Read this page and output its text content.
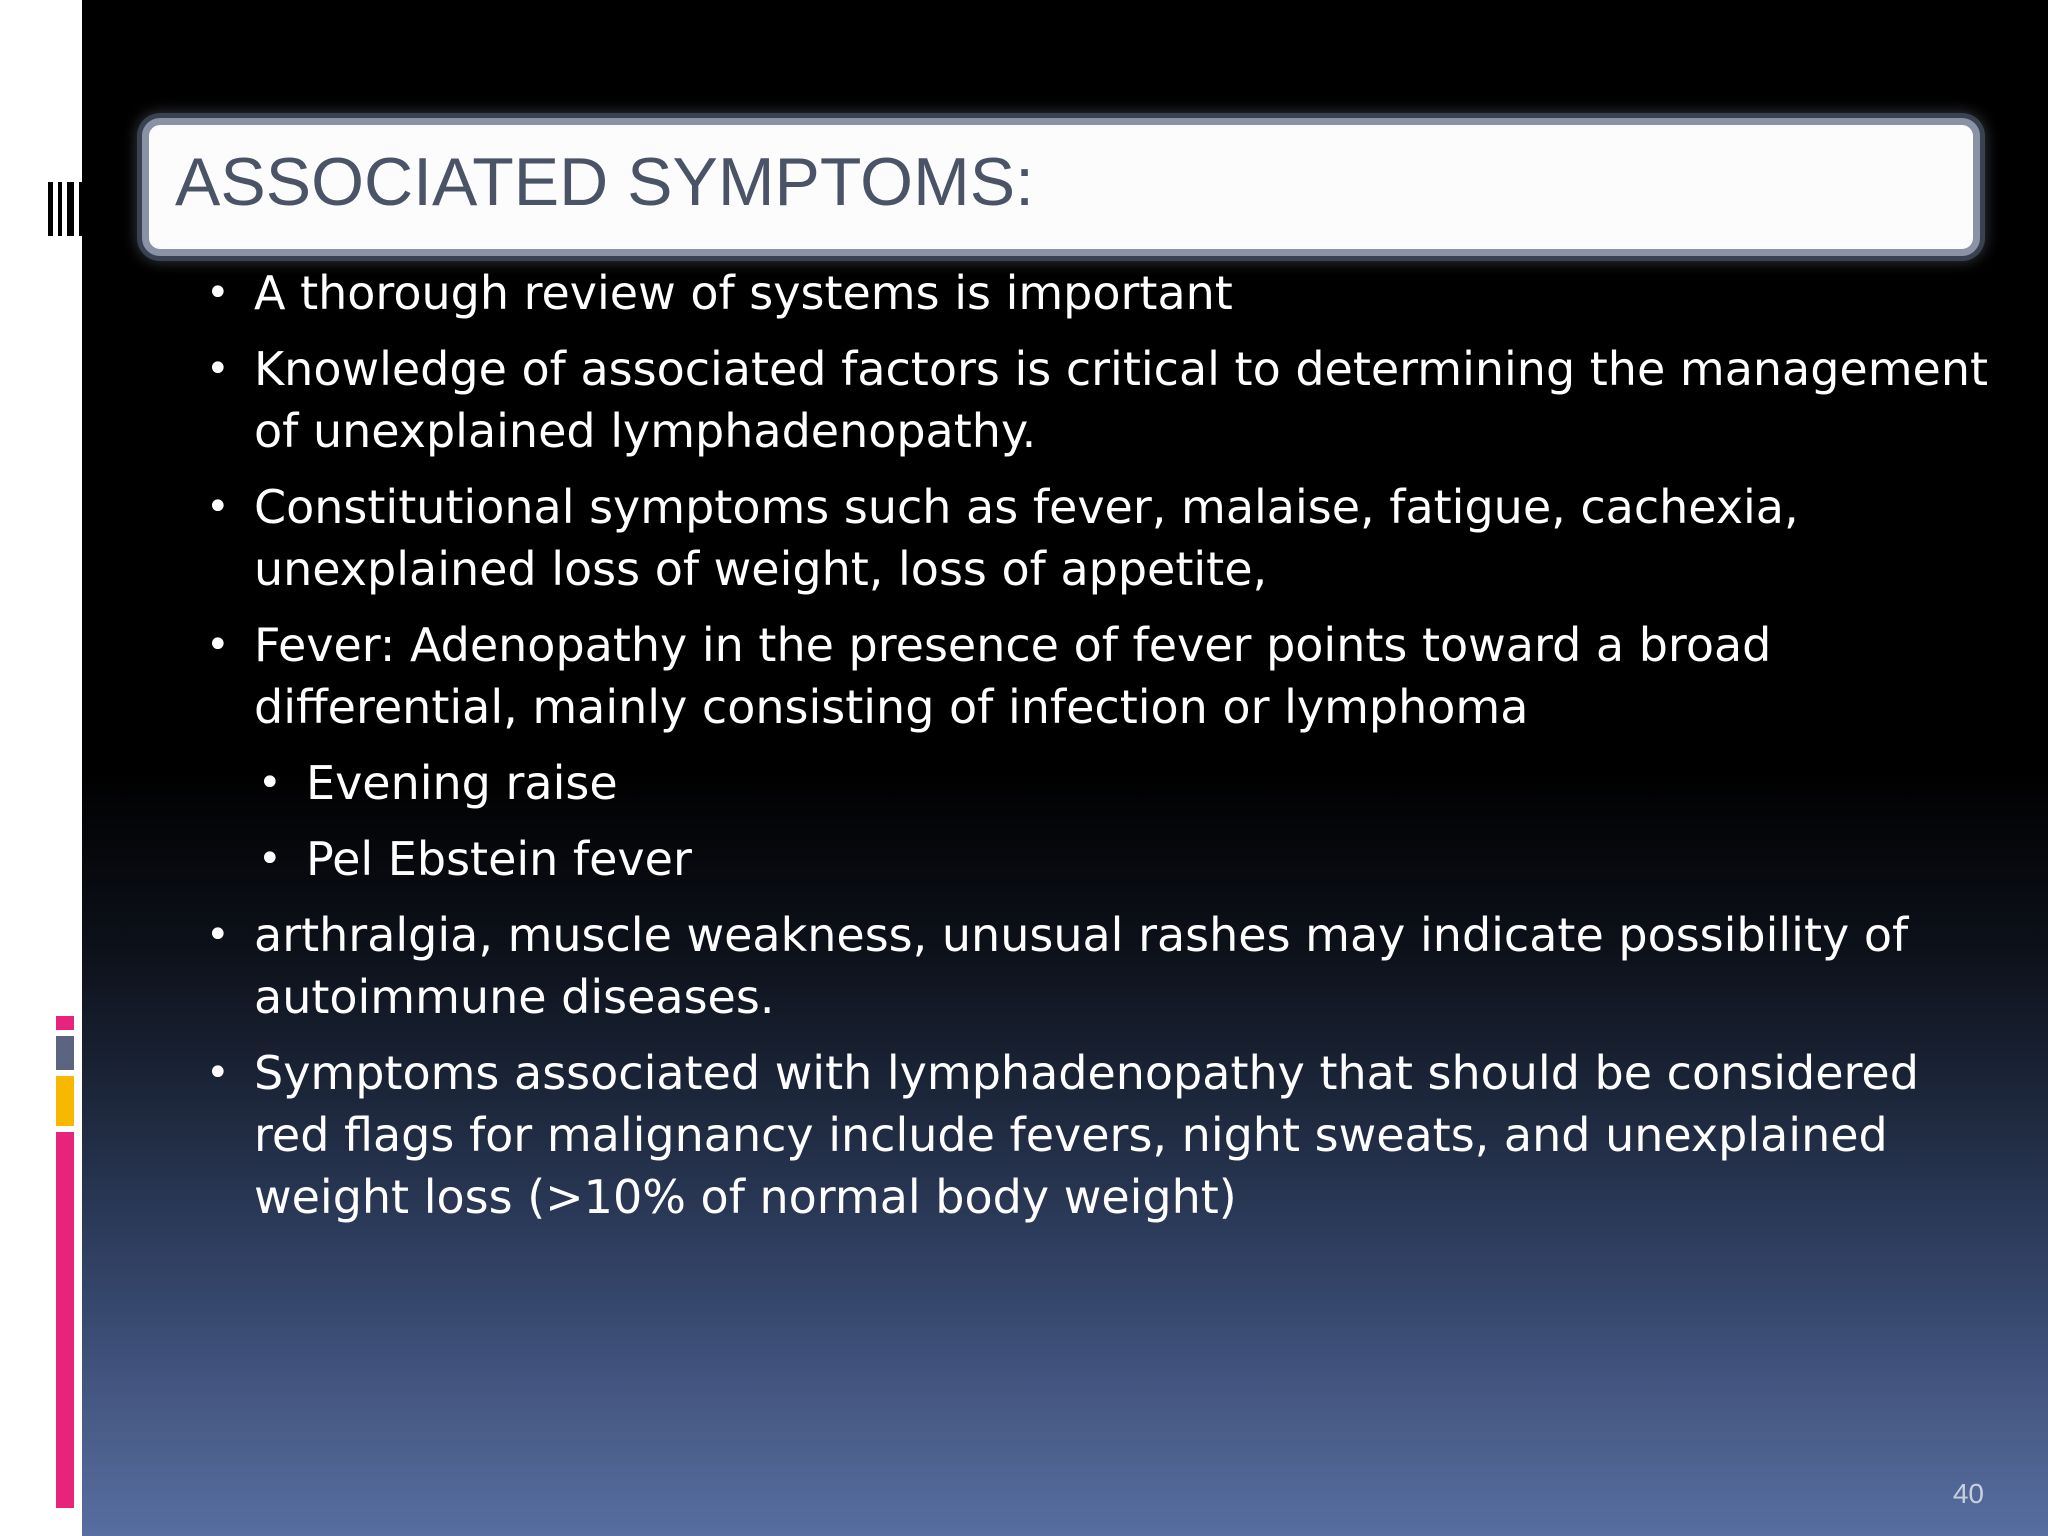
ASSOCIATED SYMPTOMS:

• A thorough review of systems is important

• Knowledge of associated factors is critical to determining the management of unexplained lymphadenopathy.

• Constitutional symptoms such as fever, malaise, fatigue, cachexia, unexplained loss of weight, loss of appetite,

• Fever: Adenopathy in the presence of fever points toward a broad differential, mainly consisting of infection or lymphoma

• Evening raise

• Pel Ebstein fever

• arthralgia, muscle weakness, unusual rashes may indicate possibility of autoimmune diseases.

• Symptoms associated with lymphadenopathy that should be considered red flags for malignancy include fevers, night sweats, and unexplained weight loss (>10% of normal body weight)

40
